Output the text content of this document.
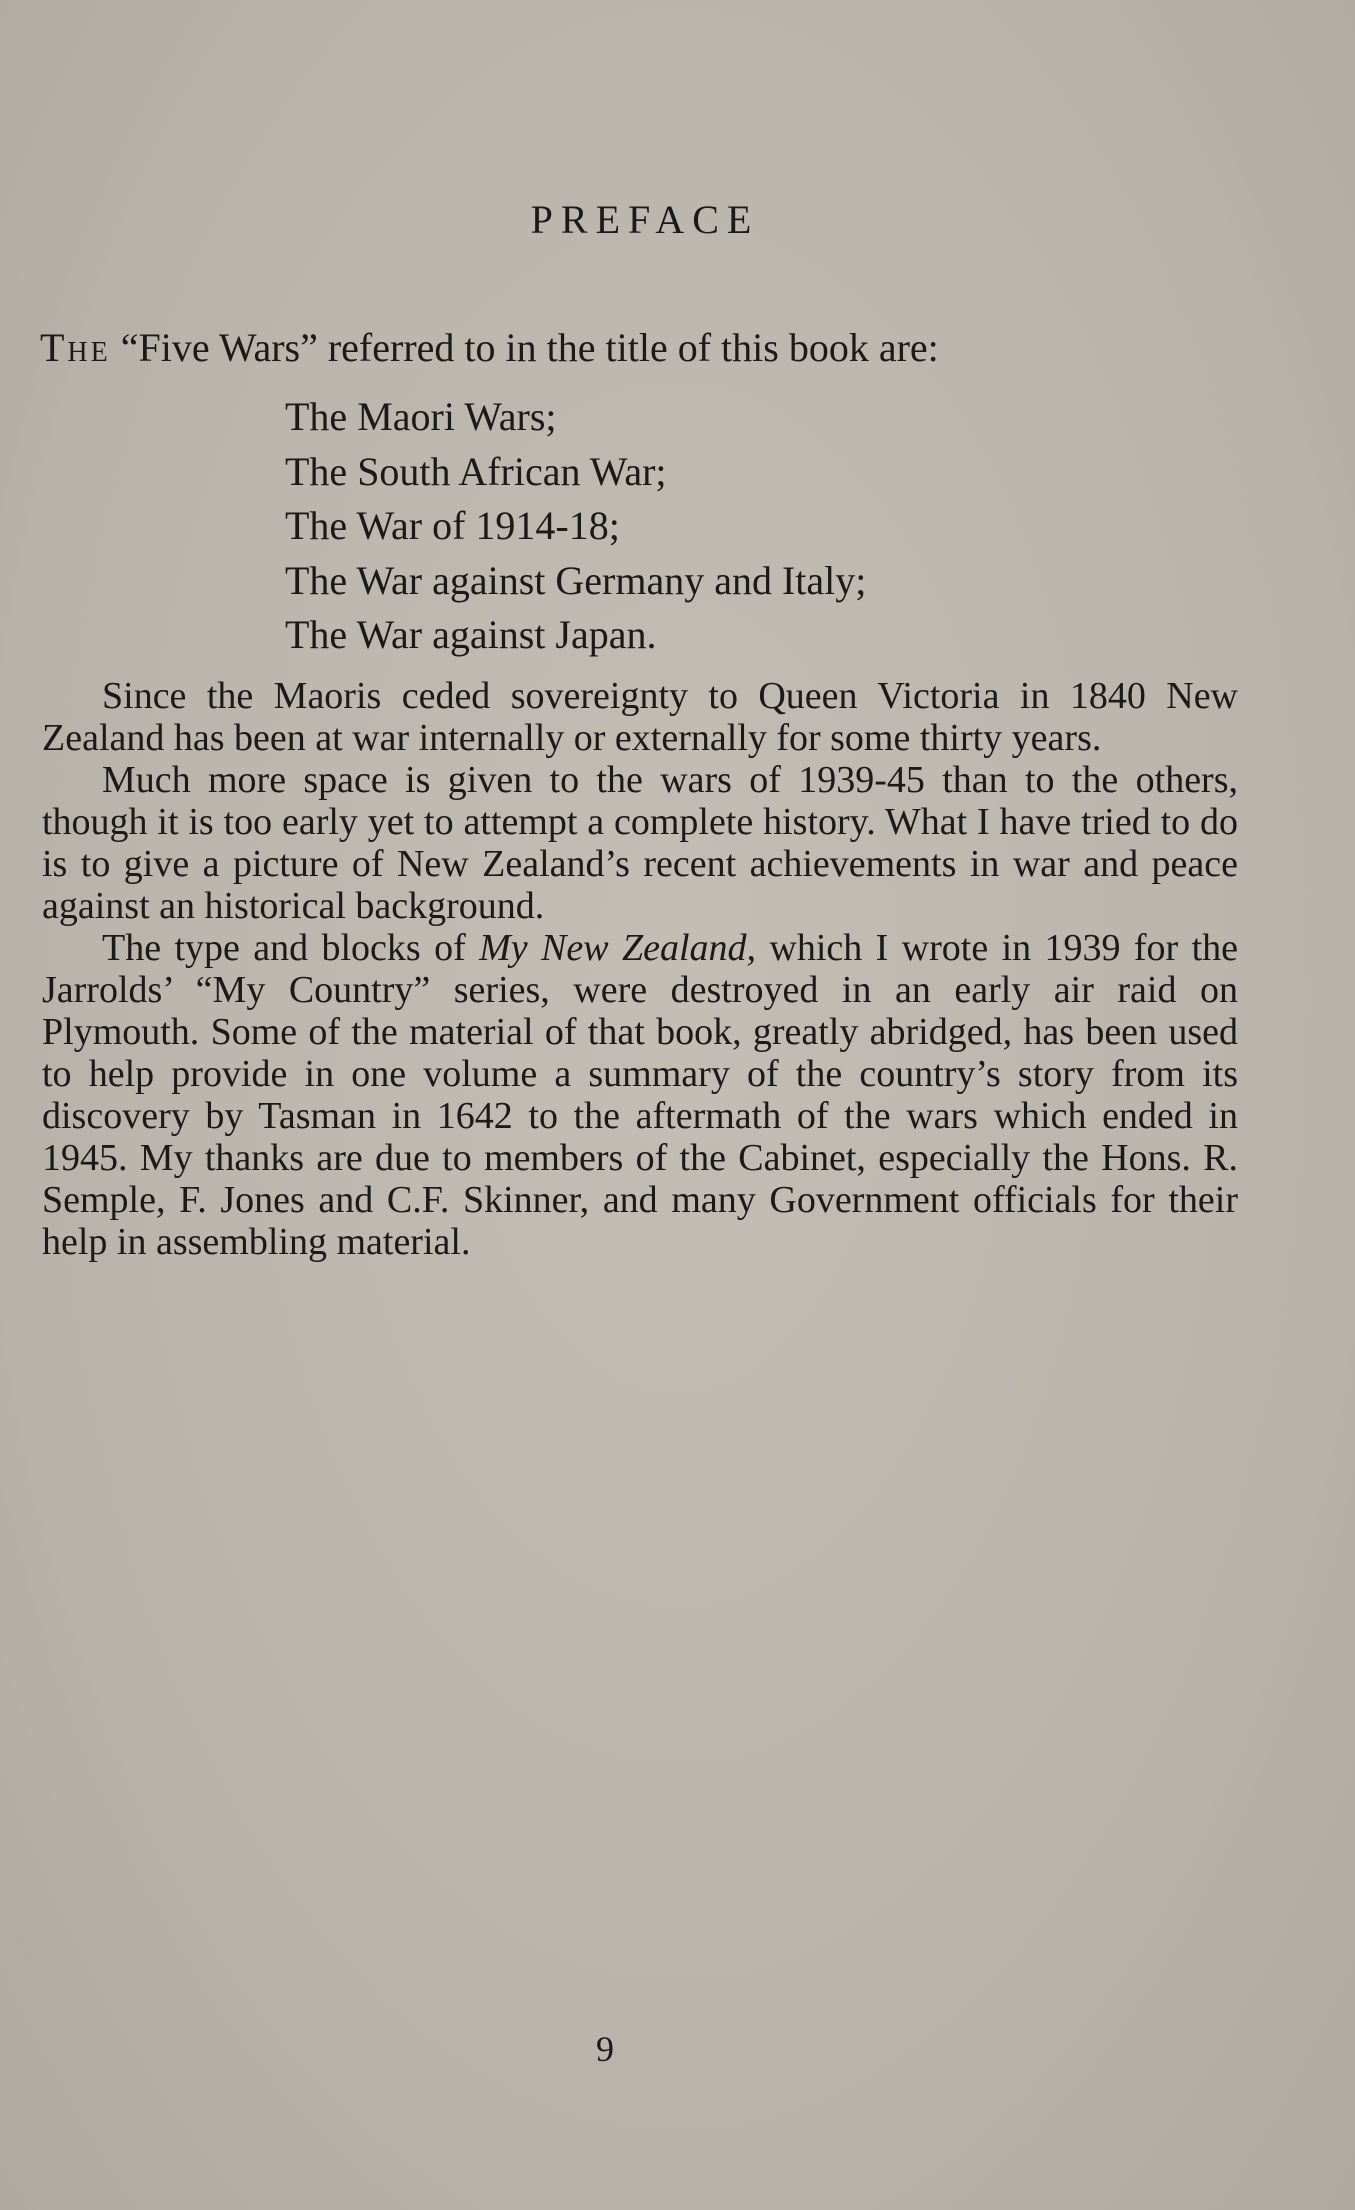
PREFACE

The “Five Wars” referred to in the title of this book are:

The Maori Wars;
The South African War;
The War of 1914-18;
The War against Germany and Italy;
The War against Japan.

Since the Maoris ceded sovereignty to Queen Victoria in 1840 New Zealand has been at war internally or externally for some thirty years.

Much more space is given to the wars of 1939-45 than to the others, though it is too early yet to attempt a complete history. What I have tried to do is to give a picture of New Zealand’s recent achievements in war and peace against an historical background.

The type and blocks of My New Zealand, which I wrote in 1939 for the Jarrolds’ “My Country” series, were destroyed in an early air raid on Plymouth. Some of the material of that book, greatly abridged, has been used to help provide in one volume a summary of the country’s story from its discovery by Tasman in 1642 to the aftermath of the wars which ended in 1945. My thanks are due to members of the Cabinet, especially the Hons. R. Semple, F. Jones and C.F. Skinner, and many Government officials for their help in assembling material.

9
